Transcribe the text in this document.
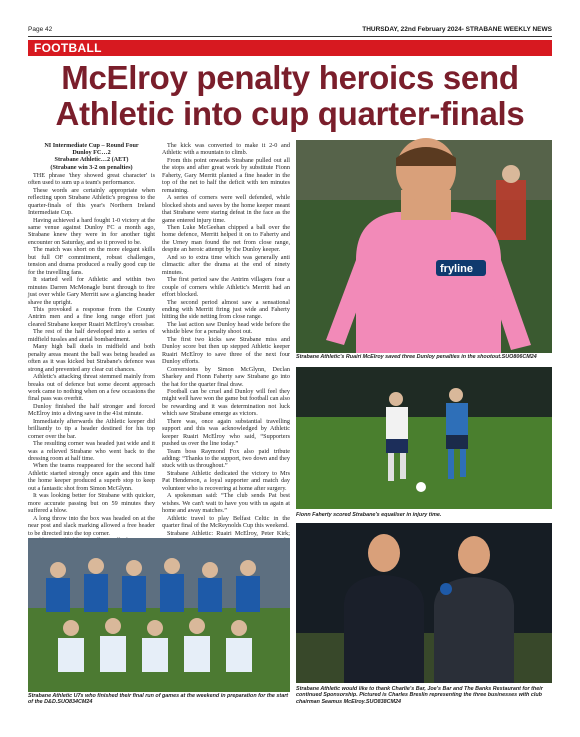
Page 42	THURSDAY, 22nd February 2024- STRABANE WEEKLY NEWS
FOOTBALL
McElroy penalty heroics send Athletic into cup quarter-finals
NI Intermediate Cup – Round Four
Dunloy FC…2
Strabane Athletic…2 (AET)
(Strabane win 3-2 on penalties)

THE phrase 'they showed great character' is often used to sum up a team's performance.

These words are certainly appropriate when reflecting upon Strabane Athletic's progress to the quarter-finals of this year's Northern Ireland Intermediate Cup.

Having achieved a hard fought 1-0 victory at the same venue against Dunloy FC a month ago, Strabane knew they were in for another tight encounter on Saturday, and so it proved to be.

The match was short on the more elegant skills but full OF commitment, robust challenges, tension and drama produced a really good cup tie for the travelling fans.

It started well for Athletic and within two minutes Darren McMonagle burst through to fire just over while Gary Merritt saw a glancing header shave the upright.

This provoked a response from the County Antrim men and a fine long range effort just cleared Strabane keeper Ruairi McElroy's crossbar.

The rest of the half developed into a series of midfield tussles and aerial bombardment.

Many high ball duels in midfield and both penalty areas meant the ball was being headed as often as it was kicked but Strabane's defence was strong and prevented any clear cut chances.

Athletic's attacking threat stemmed mainly from breaks out of defence but some decent approach work came to nothing when on a few occasions the final pass was overhit.

Dunloy finished the half stronger and forced McElroy into a diving save in the 41st minute.

Immediately afterwards the Athletic keeper did brilliantly to tip a header destined for his top corner over the bar.

The resulting corner was headed just wide and it was a relieved Strabane who went back to the dressing room at half time.

When the teams reappeared for the second half Athletic started strongly once again and this time the home keeper produced a superb stop to keep out a fantastic shot from Simon McGlynn.

It was looking better for Strabane with quicker, more accurate passing but on 59 minutes they suffered a blow.

A long throw into the box was headed on at the near post and slack marking allowed a free header to be directed into the top corner.

The kick was converted to make it 2-0 and Athletic with a mountain to climb.

From this point onwards Strabane pulled out all the stops and after great work by substitute Fionn Faherty, Gary Merritt planted a fine header in the top of the net to half the deficit with ten minutes remaining.

A series of corners were well defended, while blocked shots and saves by the home keeper meant that Strabane were staring defeat in the face as the game entered injury time.

Then Luke McGeehan chipped a ball over the home defence, Merritt helped it on to Faherty and the Urney man found the net from close range, despite an heroic attempt by the Dunloy keeper.

And so to extra time which was generally anti climactic after the drama at the end of ninety minutes.

The first period saw the Antrim villagers four a couple of corners while Athletic's Merritt had an effort blocked.

The second period almost saw a sensational ending with Merritt firing just wide and Faherty hitting the side netting from close range.

The last action saw Dunloy head wide before the whistle blew for a penalty shoot out.

The first two kicks saw Strabane miss and Dunloy score but then up stepped Athletic keeper Ruairi McElroy to save three of the next four Dunloy efforts.

Conversions by Simon McGlynn, Declan Sharkey and Fionn Faherty saw Strabane go into the hat for the quarter final draw.

Football can be cruel and Dunloy will feel they might well have won the game but football can also be rewarding and it was determination not luck which saw Strabane emerge as victors.

There was, once again substantial travelling support and this was acknowledged by Athletic keeper Ruairi McElroy who said, “Supporters pushed us over the line today.”

Team boss Raymond Fox also paid tribute adding: “Thanks to the support, two down and they stuck with us throughout.”

Strabane Athletic dedicated the victory to Mrs Pat Henderson, a loyal supporter and match day volunteer who is recovering at home after surgery.

A spokesman said: “The club sends Pat best wishes. We can't wait to have you with us again at home and away matches.”

Athletic travel to play Belfast Celtic in the quarter final of the McReynolds Cup this weekend.

Strabane Athletic: Ruairi McElroy, Peter Kirk;

fryline
Strabane Athletic's Ruairi McElroy saved three Dunloy penalties in the shootout.SUO806CM24
Fionn Faherty scored Strabane's equaliser in injury time.
Strabane Athletic U7s who finished their final run of games at the weekend in preparation for the start of the D&D.SUO834CM24
Strabane Athletic would like to thank Charlie's Bar, Joe's Bar and The Banks Restaurant for their continued Sponsorship. Pictured is Charles Breslin representing the three businesses with club chairman Seamus McElroy.SUO838CM24
